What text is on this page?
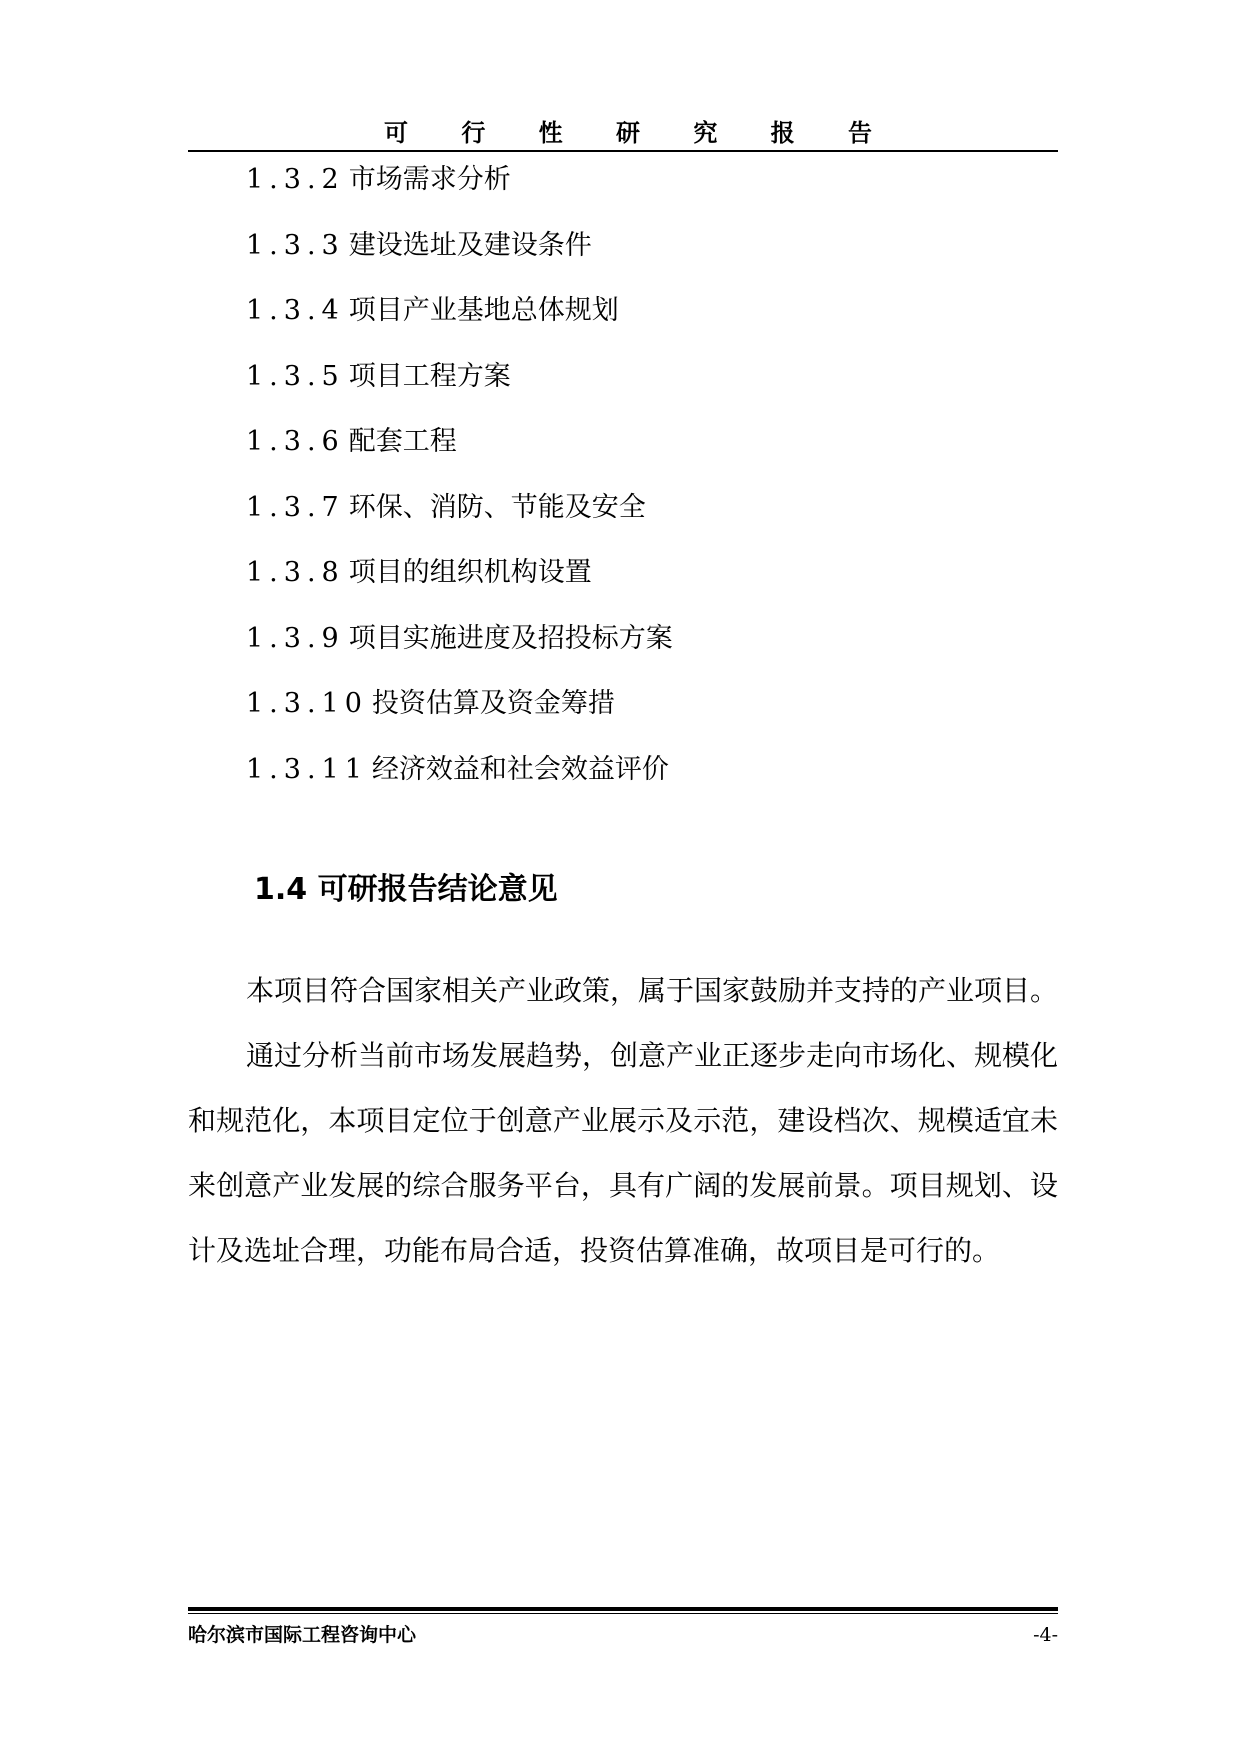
可 行 性 研 究 报 告
1.3.2 市场需求分析
1.3.3 建设选址及建设条件
1.3.4 项目产业基地总体规划
1.3.5 项目工程方案
1.3.6 配套工程
1.3.7 环保、消防、节能及安全
1.3.8 项目的组织机构设置
1.3.9 项目实施进度及招投标方案
1.3.10 投资估算及资金筹措
1.3.11 经济效益和社会效益评价
1.4 可研报告结论意见

本项目符合国家相关产业政策，属于国家鼓励并支持的产业项目。

通过分析当前市场发展趋势，创意产业正逐步走向市场化、规模化和规范化，本项目定位于创意产业展示及示范，建设档次、规模适宜未来创意产业发展的综合服务平台，具有广阔的发展前景。项目规划、设计及选址合理，功能布局合适，投资估算准确，故项目是可行的。

哈尔滨市国际工程咨询中心	-4-
